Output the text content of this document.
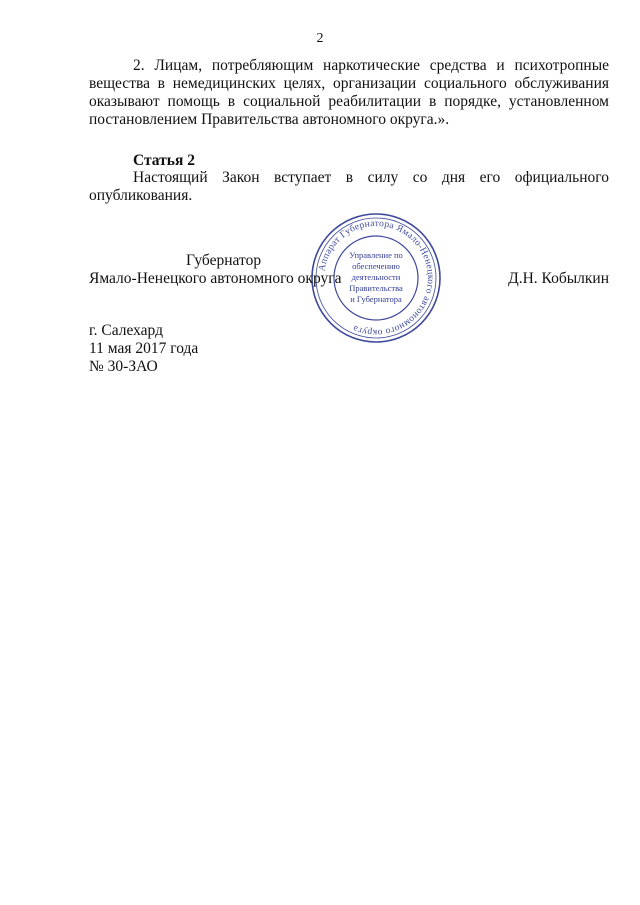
2
2. Лицам, потребляющим наркотические средства и психотропные
вещества в немедицинских целях, организации социального обслуживания
оказывают помощь в социальной реабилитации в порядке, установленном
постановлением Правительства автономного округа.».
Статья 2
Настоящий Закон вступает в силу со дня его официального
опубликования.
Губернатор
Ямало-Ненецкого автономного округа	Д.Н. Кобылкин
Аппарат Губернатора Ямало-Ненецкого автономного округа
Управление по
обеспечению
деятельности
Правительства
и Губернатора
г. Салехард
11 мая 2017 года
№ 30-ЗАО
